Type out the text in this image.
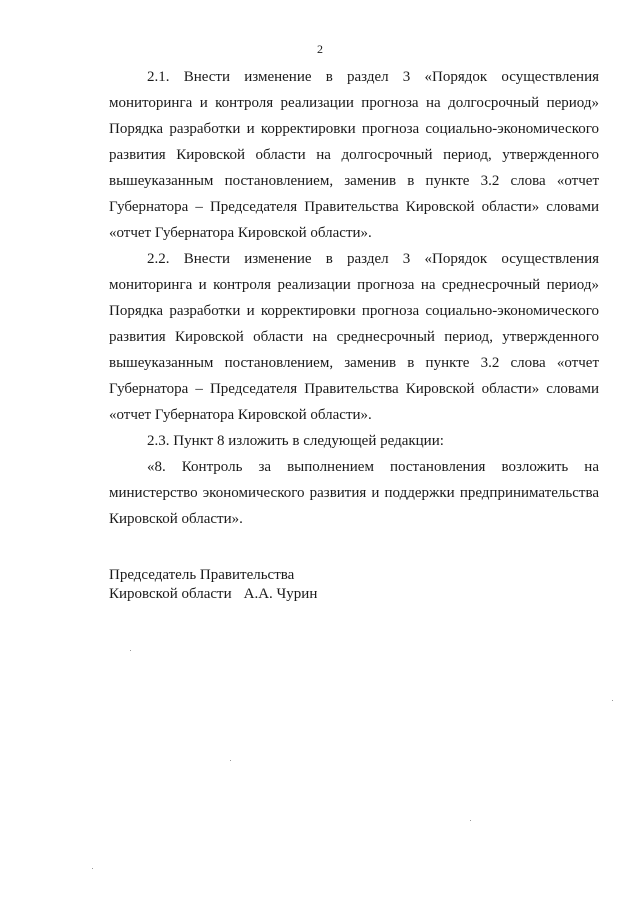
2

2.1. Внести изменение в раздел 3 «Порядок осуществления мониторинга и контроля реализации прогноза на долгосрочный период» Порядка разработки и корректировки прогноза социально-экономического развития Кировской области на долгосрочный период, утвержденного вышеуказанным постановлением, заменив в пункте 3.2 слова «отчет Губернатора – Председателя Правительства Кировской области» словами «отчет Губернатора Кировской области».

2.2. Внести изменение в раздел 3 «Порядок осуществления мониторинга и контроля реализации прогноза на среднесрочный период» Порядка разработки и корректировки прогноза социально-экономического развития Кировской области на среднесрочный период, утвержденного вышеуказанным постановлением, заменив в пункте 3.2 слова «отчет Губернатора – Председателя Правительства Кировской области» словами «отчет Губернатора Кировской области».

2.3. Пункт 8 изложить в следующей редакции:

«8. Контроль за выполнением постановления возложить на министерство экономического развития и поддержки предпринимательства Кировской области».

Председатель Правительства
Кировской области А.А. Чурин
